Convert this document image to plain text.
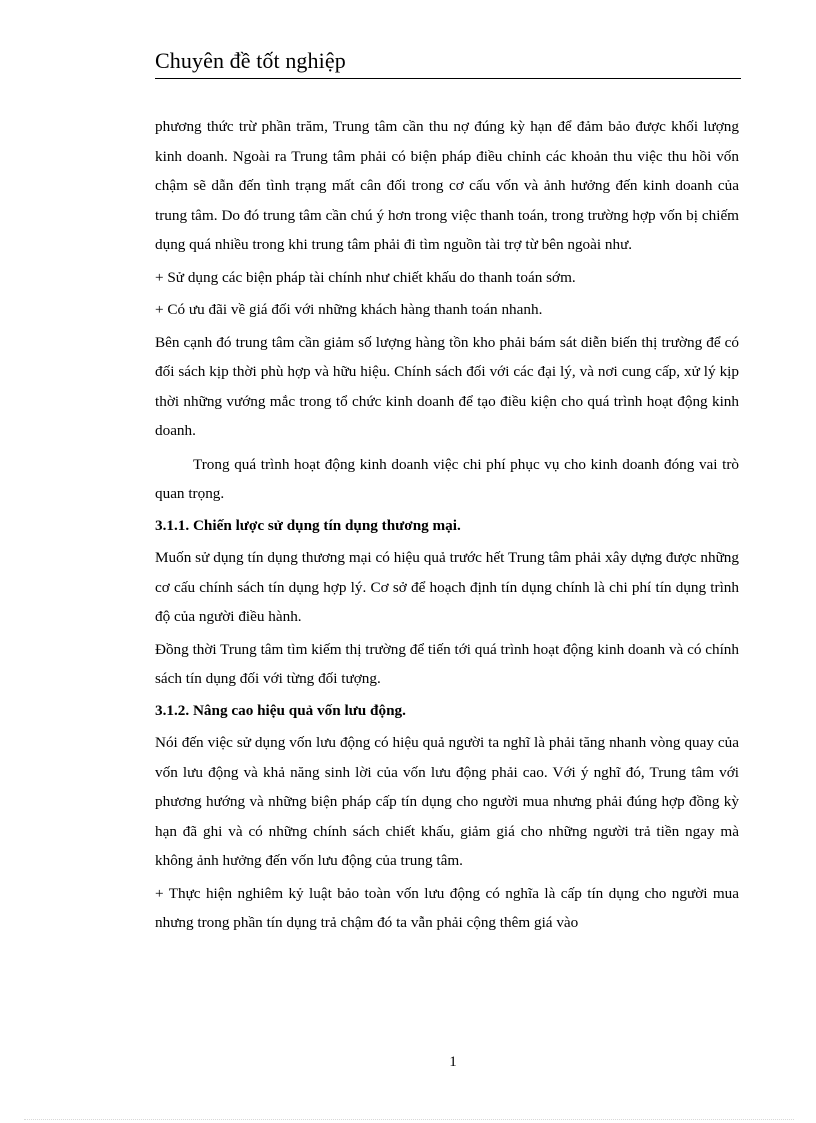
Chuyên đề tốt nghiệp

phương thức trừ phần trăm, Trung tâm cần thu nợ đúng kỳ hạn để đảm bảo được khối lượng kinh doanh. Ngoài ra Trung tâm phải có biện pháp điều chỉnh các khoản thu việc thu hồi vốn chậm sẽ dẫn đến tình trạng mất cân đối trong cơ cấu vốn và ảnh hưởng đến kinh doanh của trung tâm. Do đó trung tâm cần chú ý hơn trong việc thanh toán, trong trường hợp vốn bị chiếm dụng quá nhiều trong khi trung tâm phải đi tìm nguồn tài trợ từ bên ngoài như.

+ Sử dụng các biện pháp tài chính như chiết khấu do thanh toán sớm.

+ Có ưu đãi về giá đối với những khách hàng thanh toán nhanh.

Bên cạnh đó trung tâm cần giảm số lượng hàng tồn kho phải bám sát diễn biến thị trường để có đối sách kịp thời phù hợp và hữu hiệu. Chính sách đối với các đại lý, và nơi cung cấp, xử lý kịp thời những vướng mắc trong tổ chức kinh doanh để tạo điều kiện cho quá trình hoạt động kinh doanh.

Trong quá trình hoạt động kinh doanh việc chi phí phục vụ cho kinh doanh đóng vai trò quan trọng.

3.1.1. Chiến lược sử dụng tín dụng thương mại.

Muốn sử dụng tín dụng thương mại có hiệu quả trước hết Trung tâm phải xây dựng được những cơ cấu chính sách tín dụng hợp lý. Cơ sở để hoạch định tín dụng chính là chi phí tín dụng trình độ của người điều hành.

Đồng thời Trung tâm tìm kiếm thị trường để tiến tới quá trình hoạt động kinh doanh và có chính sách tín dụng đối với từng đối tượng.

3.1.2. Nâng cao hiệu quả vốn lưu động.

Nói đến việc sử dụng vốn lưu động có hiệu quả người ta nghĩ là phải tăng nhanh vòng quay của vốn lưu động và khả năng sinh lời của vốn lưu động phải cao. Với ý nghĩ đó, Trung tâm với phương hướng và những biện pháp cấp tín dụng cho người mua nhưng phải đúng hợp đồng kỳ hạn đã ghi và có những chính sách chiết khấu, giảm giá cho những người trả tiền ngay mà không ảnh hưởng đến vốn lưu động của trung tâm.

+ Thực hiện nghiêm kỷ luật bảo toàn vốn lưu động có nghĩa là cấp tín dụng cho người mua nhưng trong phần tín dụng trả chậm đó ta vẫn phải cộng thêm giá vào

1
